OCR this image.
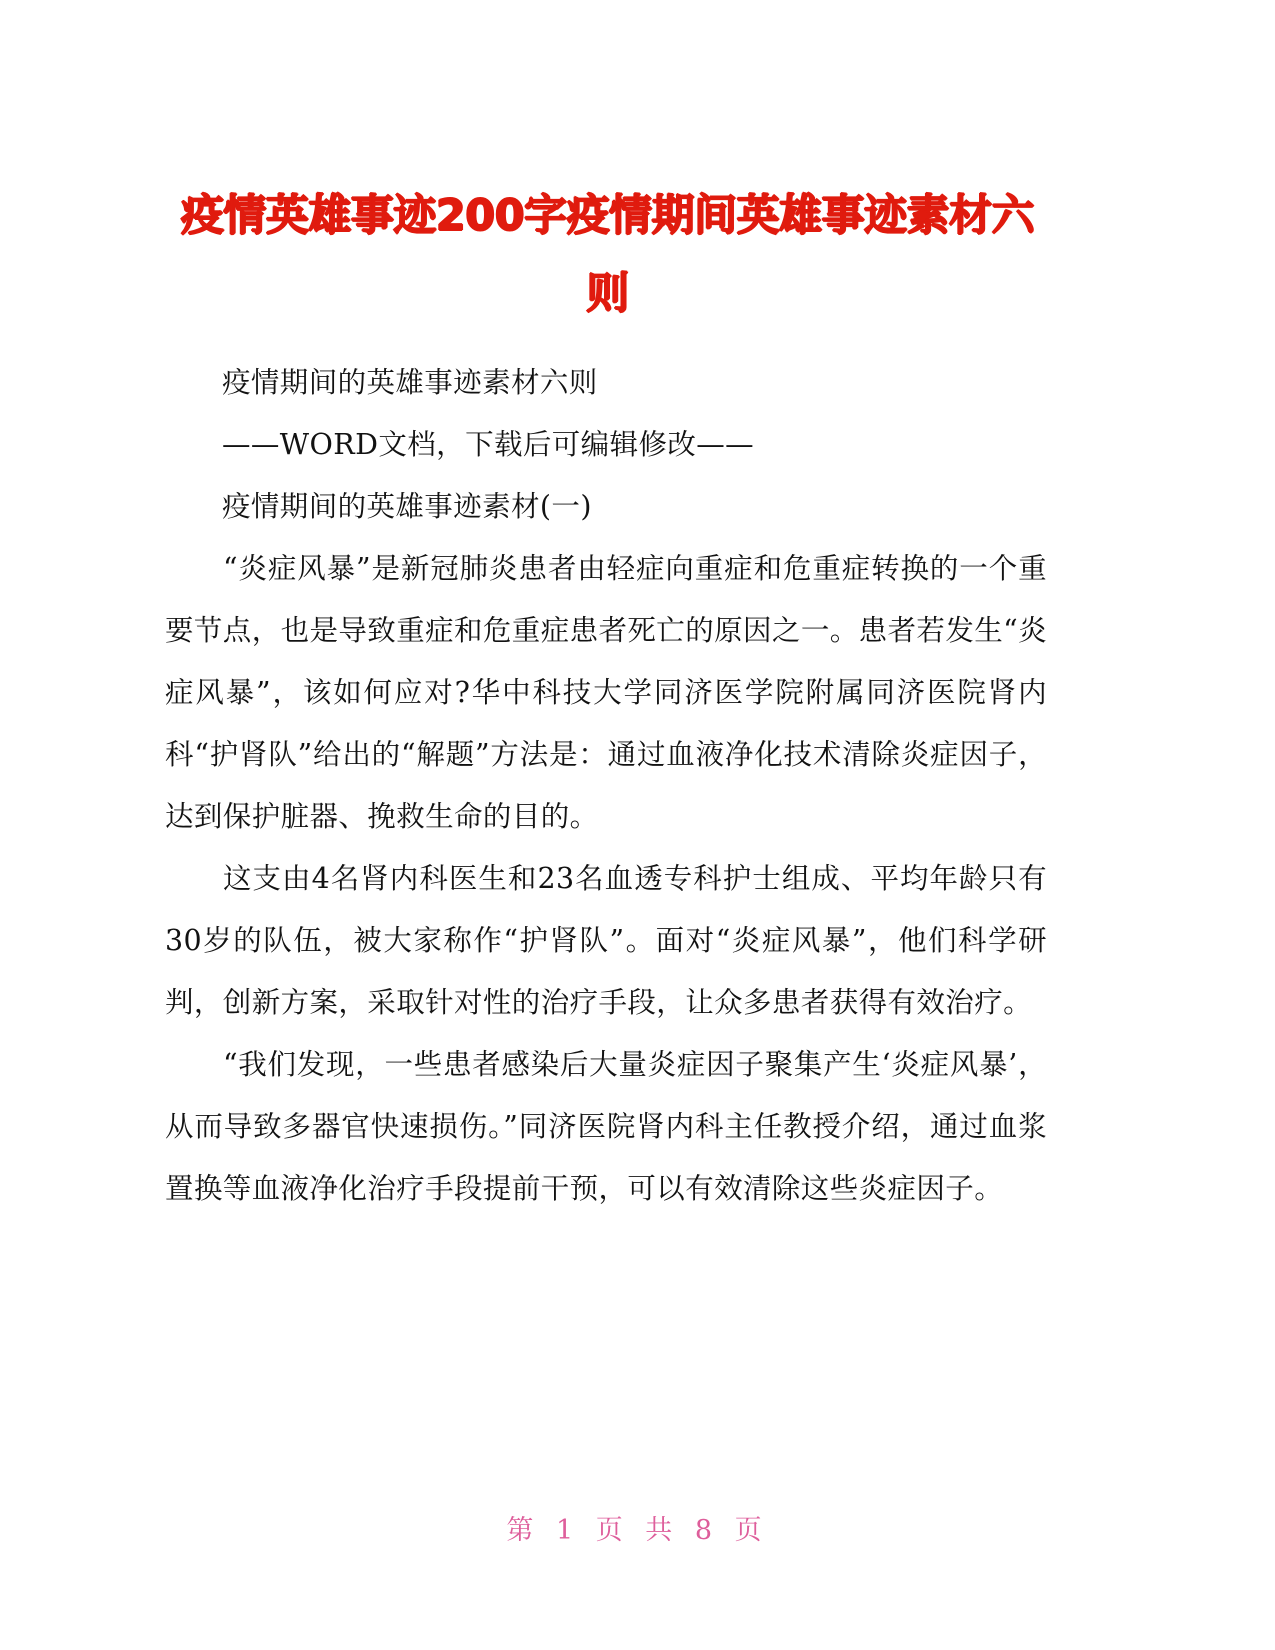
疫情英雄事迹200字疫情期间英雄事迹素材六则

疫情期间的英雄事迹素材六则

——WORD文档，下载后可编辑修改——

疫情期间的英雄事迹素材(一)

“炎症风暴”是新冠肺炎患者由轻症向重症和危重症转换的一个重要节点，也是导致重症和危重症患者死亡的原因之一。患者若发生“炎症风暴”，该如何应对?华中科技大学同济医学院附属同济医院肾内科“护肾队”给出的“解题”方法是：通过血液净化技术清除炎症因子，达到保护脏器、挽救生命的目的。

这支由4名肾内科医生和23名血透专科护士组成、平均年龄只有30岁的队伍，被大家称作“护肾队”。面对“炎症风暴”，他们科学研判，创新方案，采取针对性的治疗手段，让众多患者获得有效治疗。

“我们发现，一些患者感染后大量炎症因子聚集产生‘炎症风暴’，从而导致多器官快速损伤。”同济医院肾内科主任教授介绍，通过血浆置换等血液净化治疗手段提前干预，可以有效清除这些炎症因子。

第 1 页 共 8 页
